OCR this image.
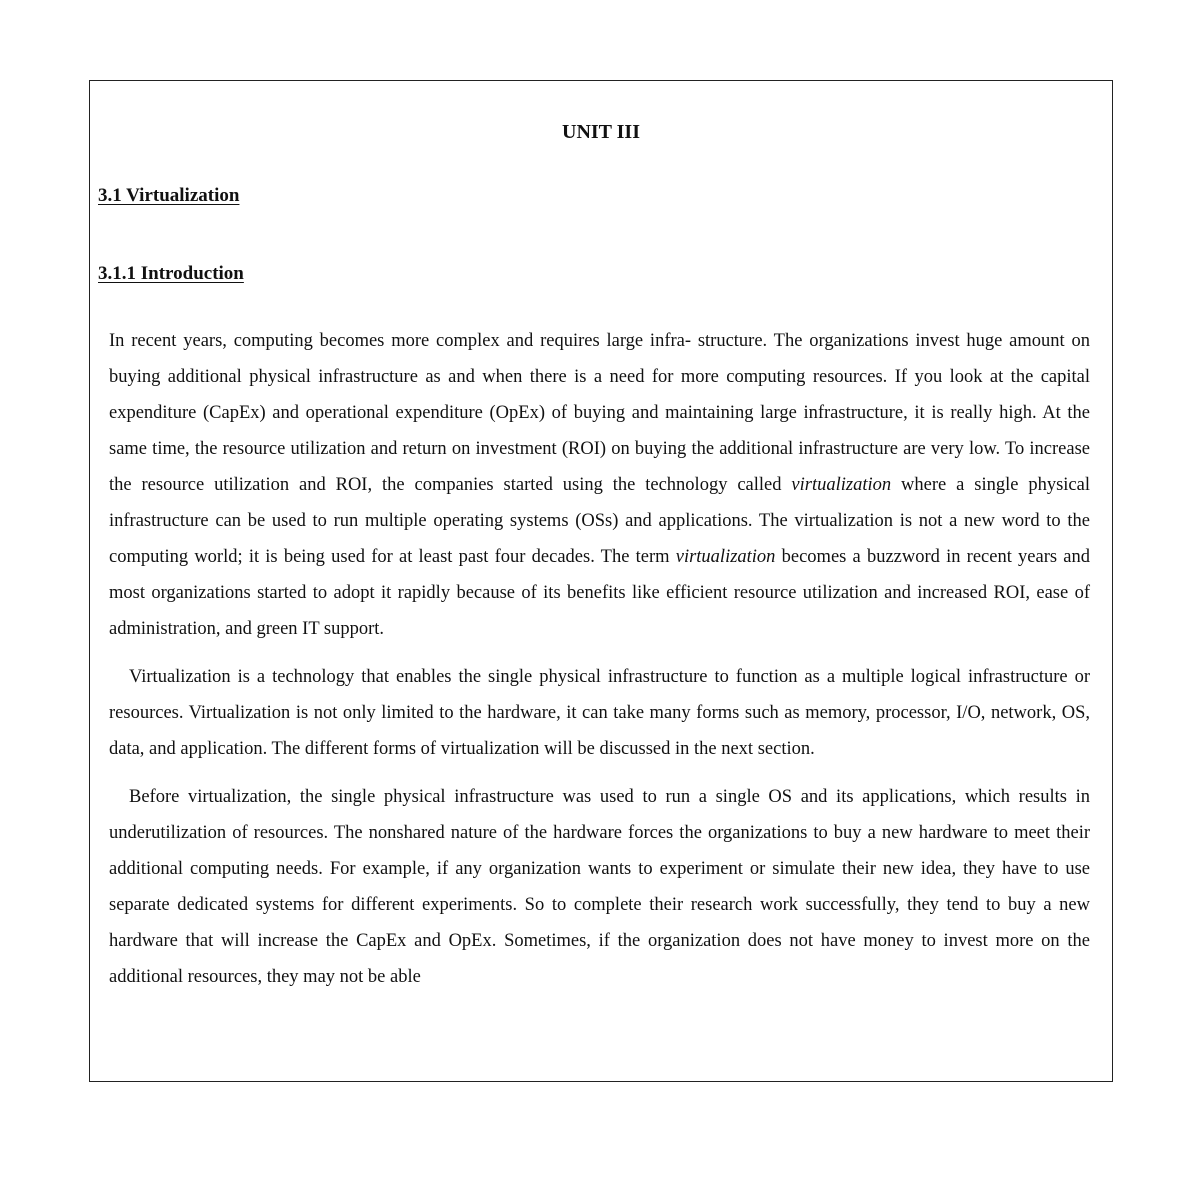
UNIT III
3.1 Virtualization
3.1.1 Introduction

In recent years, computing becomes more complex and requires large infra- structure. The organizations invest huge amount on buying additional physical infrastructure as and when there is a need for more computing resources. If you look at the capital expenditure (CapEx) and operational expenditure (OpEx) of buying and maintaining large infrastructure, it is really high. At the same time, the resource utilization and return on investment (ROI) on buying the additional infrastructure are very low. To increase the resource utilization and ROI, the companies started using the technology called virtualization where a single physical infrastructure can be used to run multiple operating systems (OSs) and applications. The virtualization is not a new word to the computing world; it is being used for at least past four decades. The term virtualization becomes a buzzword in recent years and most organizations started to adopt it rapidly because of its benefits like efficient resource utilization and increased ROI, ease of administration, and green IT support.

Virtualization is a technology that enables the single physical infrastructure to function as a multiple logical infrastructure or resources. Virtualization is not only limited to the hardware, it can take many forms such as memory, processor, I/O, network, OS, data, and application. The different forms of virtualization will be discussed in the next section.

Before virtualization, the single physical infrastructure was used to run a single OS and its applications, which results in underutilization of resources. The nonshared nature of the hardware forces the organizations to buy a new hardware to meet their additional computing needs. For example, if any organization wants to experiment or simulate their new idea, they have to use separate dedicated systems for different experiments. So to complete their research work successfully, they tend to buy a new hardware that will increase the CapEx and OpEx. Sometimes, if the organization does not have money to invest more on the additional resources, they may not be able
